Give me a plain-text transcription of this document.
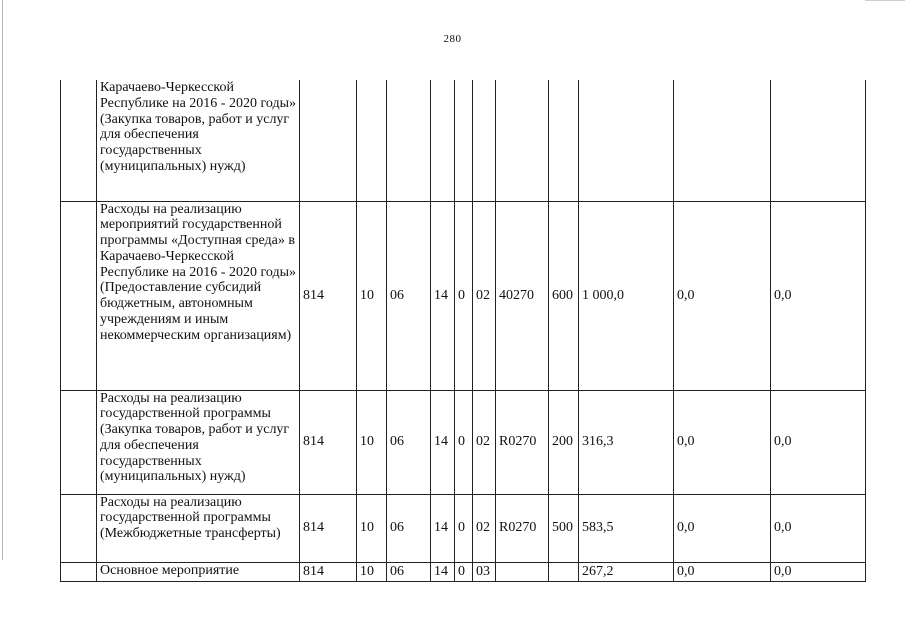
280
	Карачаево-Черкесской Республике на 2016 - 2020 годы» (Закупка товаров, работ и услуг для обеспечения государственных (муниципальных) нужд)											
	Расходы на реализацию мероприятий государственной программы «Доступная среда» в Карачаево-Черкесской Республике на 2016 - 2020 годы» (Предоставление субсидий бюджетным, автономным учреждениям и иным некоммерческим организациям)	814	10	06	14	0	02	40270	600	1 000,0	0,0	0,0
	Расходы на реализацию государственной программы (Закупка товаров, работ и услуг для обеспечения государственных (муниципальных) нужд)	814	10	06	14	0	02	R0270	200	316,3	0,0	0,0
	Расходы на реализацию государственной программы (Межбюджетные трансферты)	814	10	06	14	0	02	R0270	500	583,5	0,0	0,0
	Основное мероприятие	814	10	06	14	0	03			267,2	0,0	0,0
